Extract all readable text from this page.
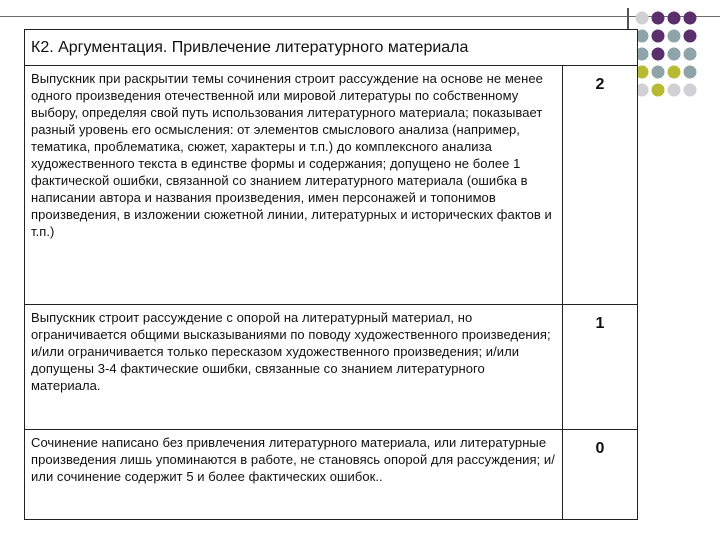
К2. Аргументация. Привлечение литературного материала	
Выпускник при раскрытии темы сочинения строит рассуждение на основе не менее одного произведения отечественной или мировой литературы по собственному выбору, определяя свой путь использования литературного материала; показывает разный уровень его осмысления: от элементов смыслового анализа (например, тематика, проблематика, сюжет, характеры и т.п.) до комплексного анализа художественного текста в единстве формы и содержания; допущено не более 1 фактической ошибки, связанной со знанием литературного материала (ошибка в написании автора и названия произведения, имен персонажей и топонимов произведения, в изложении сюжетной линии, литературных и исторических фактов и т.п.)	2
Выпускник строит рассуждение с опорой на литературный материал, но ограничивается общими высказываниями по поводу художественного произведения; и/или ограничивается только пересказом художественного произведения; и/или допущены 3-4 фактические ошибки, связанные со знанием литературного материала.	1
Сочинение написано без привлечения литературного материала, или литературные произведения лишь упоминаются в работе, не становясь опорой для рассуждения; и/или сочинение содержит 5 и более фактических ошибок..	0
